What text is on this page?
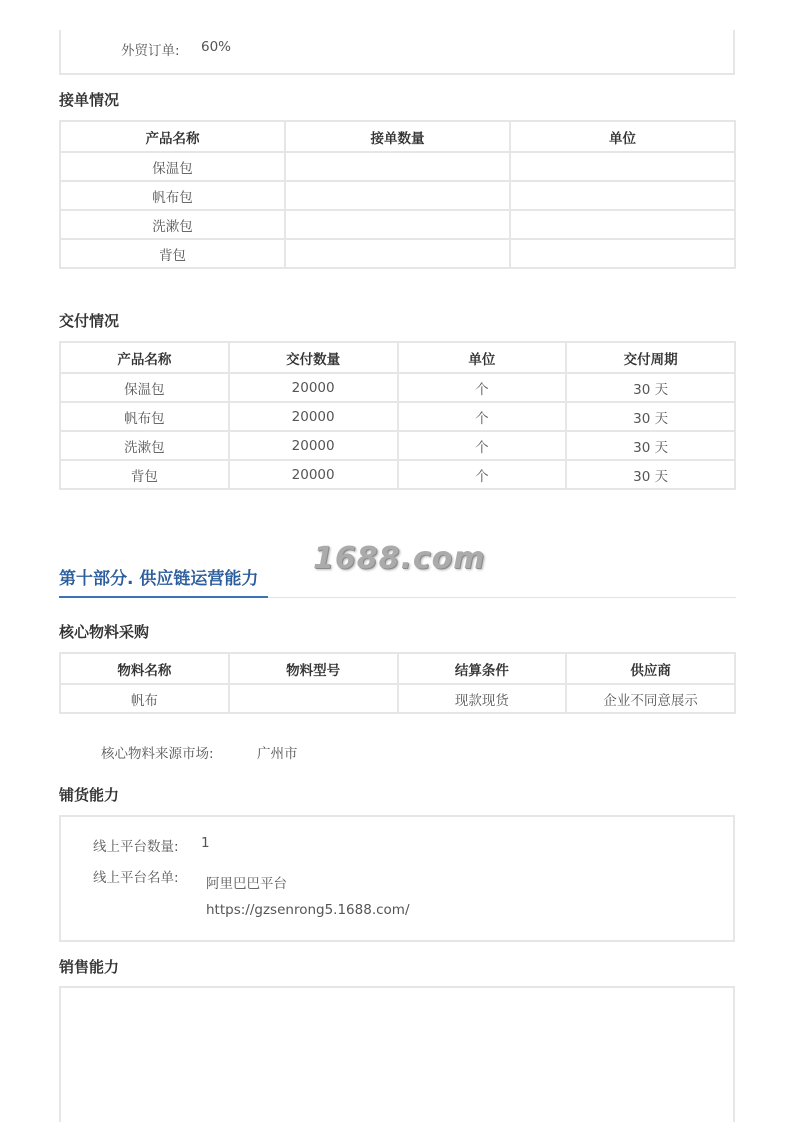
外贸订单: 60%
接单情况
产品名称	接单数量	单位
保温包		
帆布包		
洗漱包		
背包		
交付情况
产品名称	交付数量	单位	交付周期
保温包	20000	个	30 天
帆布包	20000	个	30 天
洗漱包	20000	个	30 天
背包	20000	个	30 天
1688.com
第十部分. 供应链运营能力
核心物料采购
物料名称	物料型号	结算条件	供应商
帆布		现款现货	企业不同意展示
核心物料来源市场:	广州市
铺货能力
线上平台数量: 1
线上平台名单: 阿里巴巴平台
https://gzsenrong5.1688.com/
销售能力
